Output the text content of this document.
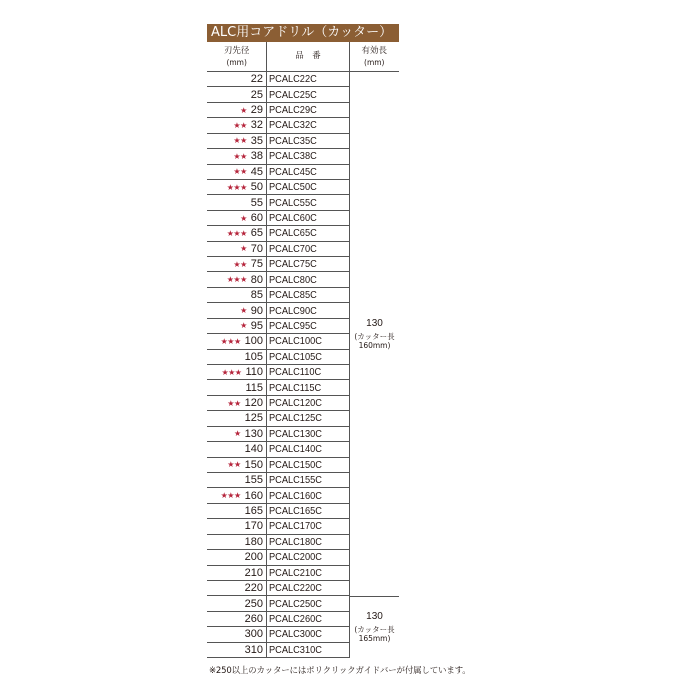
ALC用コアドリル（カッター）
刃先径
(mm)
品　番
有効長
(mm)
22 PCALC22C
25 PCALC25C
★ 29 PCALC29C
★★ 32 PCALC32C
★★ 35 PCALC35C
★★ 38 PCALC38C
★★ 45 PCALC45C
★★★ 50 PCALC50C
55 PCALC55C
★ 60 PCALC60C
★★★ 65 PCALC65C
★ 70 PCALC70C
★★ 75 PCALC75C
★★★ 80 PCALC80C
85 PCALC85C
★ 90 PCALC90C
★ 95 PCALC95C
★★★ 100 PCALC100C
105 PCALC105C
★★★ 110 PCALC110C
115 PCALC115C
★★ 120 PCALC120C
125 PCALC125C
★ 130 PCALC130C
140 PCALC140C
★★ 150 PCALC150C
155 PCALC155C
★★★ 160 PCALC160C
165 PCALC165C
170 PCALC170C
180 PCALC180C
200 PCALC200C
210 PCALC210C
220 PCALC220C
250 PCALC250C
260 PCALC260C
300 PCALC300C
310 PCALC310C
130
(カッター長
160mm)
130
(カッター長
165mm)
※250以上のカッターにはポリクリックガイドバーが付属しています。
